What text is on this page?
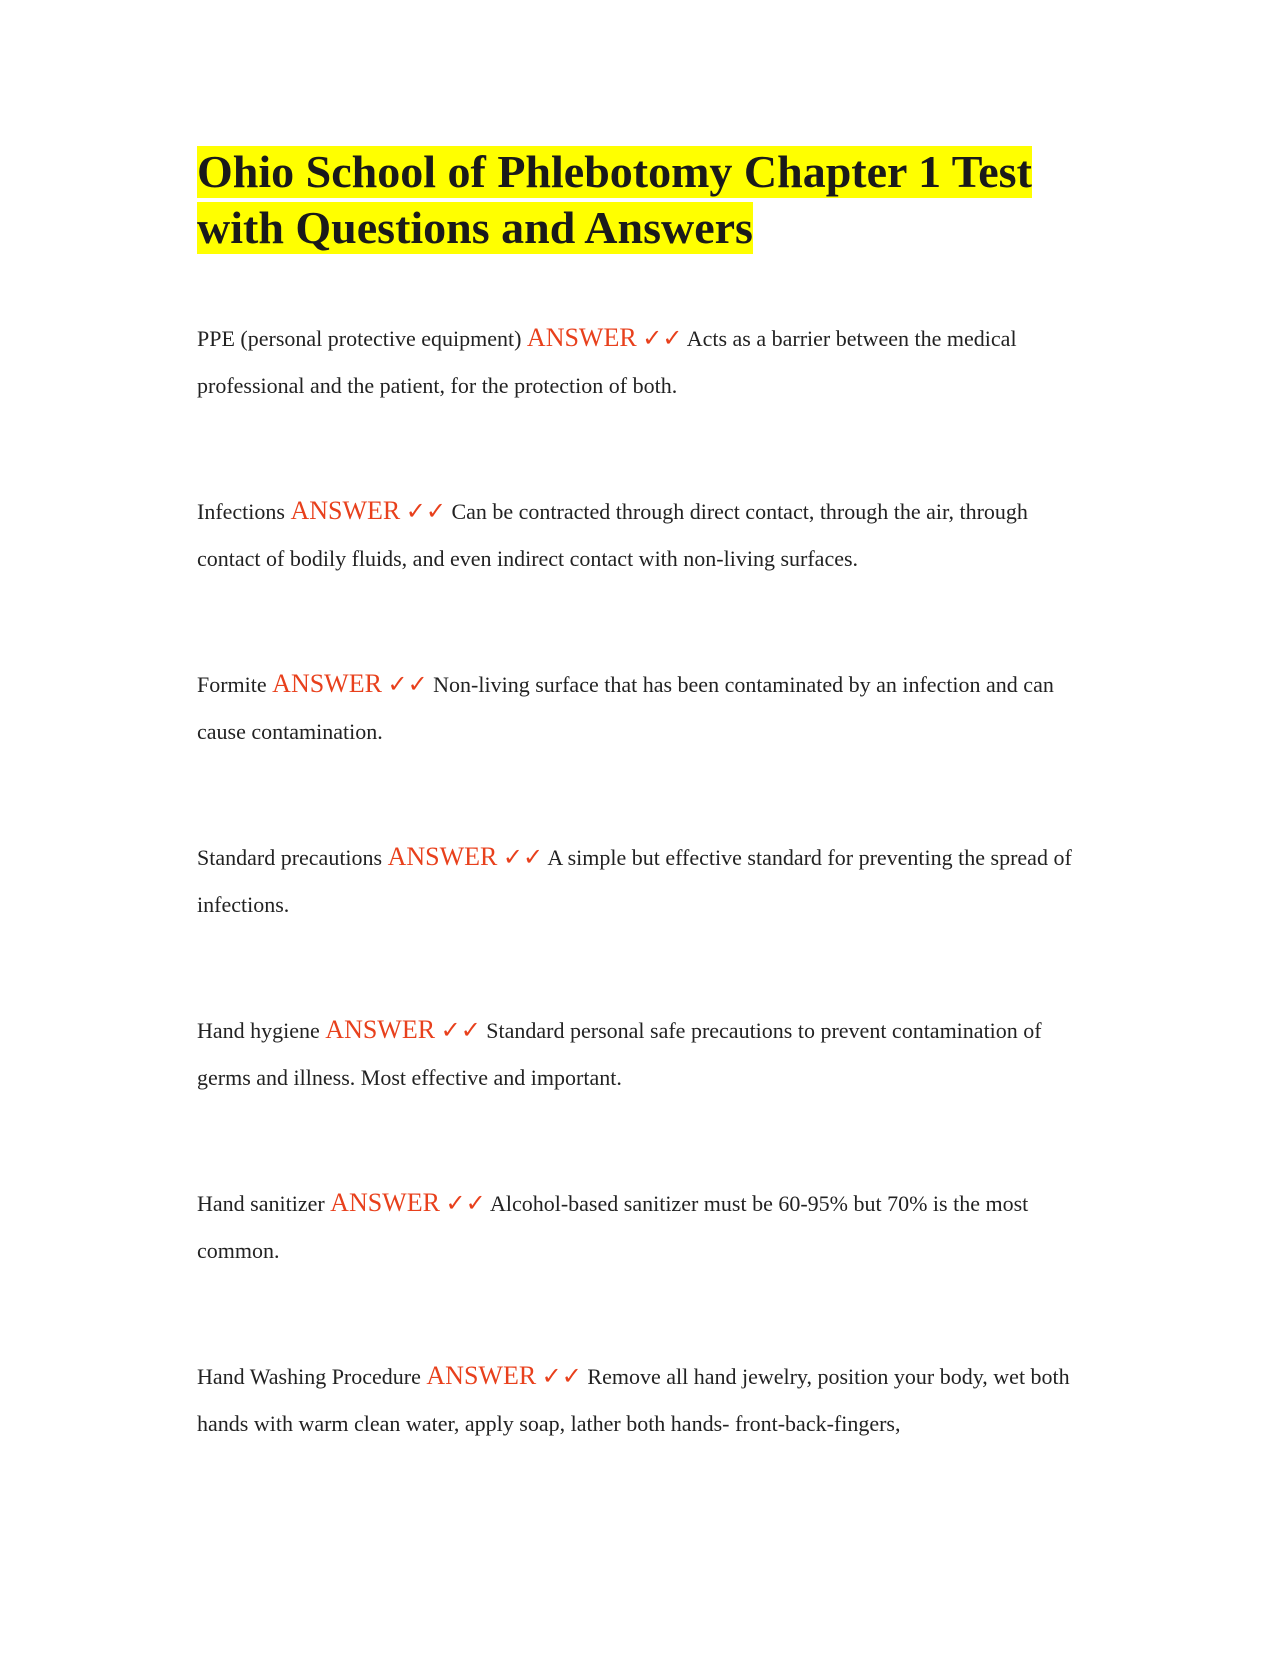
Ohio School of Phlebotomy Chapter 1 Test with Questions and Answers

PPE (personal protective equipment) ANSWER ✓✓ Acts as a barrier between the medical professional and the patient, for the protection of both.

Infections ANSWER ✓✓ Can be contracted through direct contact, through the air, through contact of bodily fluids, and even indirect contact with non-living surfaces.

Formite ANSWER ✓✓ Non-living surface that has been contaminated by an infection and can cause contamination.

Standard precautions ANSWER ✓✓ A simple but effective standard for preventing the spread of infections.

Hand hygiene ANSWER ✓✓ Standard personal safe precautions to prevent contamination of germs and illness. Most effective and important.

Hand sanitizer ANSWER ✓✓ Alcohol-based sanitizer must be 60-95% but 70% is the most common.

Hand Washing Procedure ANSWER ✓✓ Remove all hand jewelry, position your body, wet both hands with warm clean water, apply soap, lather both hands- front-back-fingers,
